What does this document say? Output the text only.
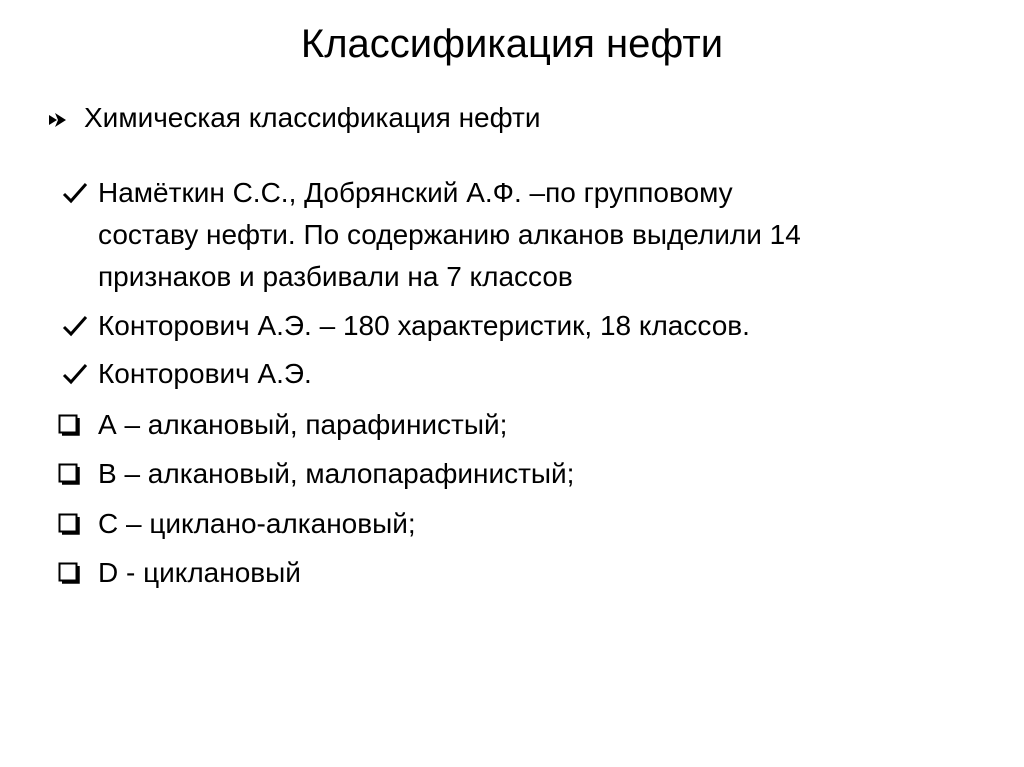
Классификация нефти
Химическая классификация нефти
Намёткин С.С., Добрянский А.Ф. –по групповому
составу нефти. По содержанию алканов выделили 14
признаков и разбивали на 7 классов
Конторович А.Э. – 180 характеристик, 18 классов.
Конторович А.Э.
А – алкановый, парафинистый;
В – алкановый, малопарафинистый;
С – циклано-алкановый;
D - циклановый
